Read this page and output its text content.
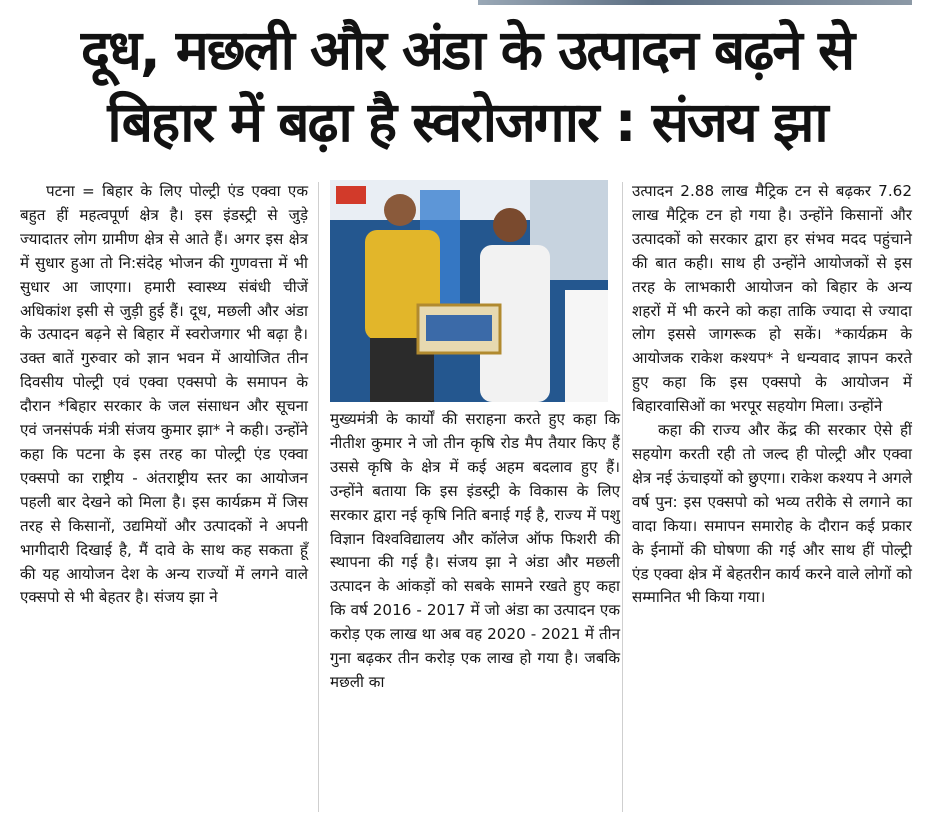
दूध, मछली और अंडा के उत्पादन बढ़ने से
बिहार में बढ़ा है स्वरोजगार : संजय झा

पटना = बिहार के लिए पोल्ट्री एंड एक्वा एक बहुत हीं महत्वपूर्ण क्षेत्र है। इस इंडस्ट्री से जुड़े ज्यादातर लोग ग्रामीण क्षेत्र से आते हैं। अगर इस क्षेत्र में सुधार हुआ तो नि:संदेह भोजन की गुणवत्ता में भी सुधार आ जाएगा। हमारी स्वास्थ्य संबंधी चीजें अधिकांश इसी से जुड़ी हुई हैं। दूध, मछली और अंडा के उत्पादन बढ़ने से बिहार में स्वरोजगार भी बढ़ा है। उक्त बातें गुरुवार को ज्ञान भवन में आयोजित तीन दिवसीय पोल्ट्री एवं एक्वा एक्सपो के समापन के दौरान *बिहार सरकार के जल संसाधन और सूचना एवं जनसंपर्क मंत्री संजय कुमार झा* ने कही। उन्होंने कहा कि पटना के इस तरह का पोल्ट्री एंड एक्वा एक्सपो का राष्ट्रीय - अंतराष्ट्रीय स्तर का आयोजन पहली बार देखने को मिला है। इस कार्यक्रम में जिस तरह से किसानों, उद्यमियों और उत्पादकों ने अपनी भागीदारी दिखाई है, मैं दावे के साथ कह सकता हूँ की यह आयोजन देश के अन्य राज्यों में लगने वाले एक्सपो से भी बेहतर है। संजय झा ने

मुख्यमंत्री के कार्यों की सराहना करते हुए कहा कि नीतीश कुमार ने जो तीन कृषि रोड मैप तैयार किए हैं उससे कृषि के क्षेत्र में कई अहम बदलाव हुए हैं। उन्होंने बताया कि इस इंडस्ट्री के विकास के लिए सरकार द्वारा नई कृषि निति बनाई गई है, राज्य में पशु विज्ञान विश्वविद्यालय और कॉलेज ऑफ फिशरी की स्थापना की गई है। संजय झा ने अंडा और मछली उत्पादन के आंकड़ों को सबके सामने रखते हुए कहा कि वर्ष 2016 - 2017 में जो अंडा का उत्पादन एक करोड़ एक लाख था अब वह 2020 - 2021 में तीन गुना बढ़कर तीन करोड़ एक लाख हो गया है। जबकि मछली का

उत्पादन 2.88 लाख मैट्रिक टन से बढ़कर 7.62 लाख मैट्रिक टन हो गया है। उन्होंने किसानों और उत्पादकों को सरकार द्वारा हर संभव मदद पहुंचाने की बात कही। साथ ही उन्होंने आयोजकों से इस तरह के लाभकारी आयोजन को बिहार के अन्य शहरों में भी करने को कहा ताकि ज्यादा से ज्यादा लोग इससे जागरूक हो सकें। *कार्यक्रम के आयोजक राकेश कश्यप* ने धन्यवाद ज्ञापन करते हुए कहा कि इस एक्सपो के आयोजन में बिहारवासिओं का भरपूर सहयोग मिला। उन्होंने

कहा की राज्य और केंद्र की सरकार ऐसे हीं सहयोग करती रही तो जल्द ही पोल्ट्री और एक्वा क्षेत्र नई ऊंचाइयों को छुएगा। राकेश कश्यप ने अगले वर्ष पुन: इस एक्सपो को भव्य तरीके से लगाने का वादा किया। समापन समारोह के दौरान कई प्रकार के ईनामों की घोषणा की गई और साथ हीं पोल्ट्री एंड एक्वा क्षेत्र में बेहतरीन कार्य करने वाले लोगों को सम्मानित भी किया गया।
